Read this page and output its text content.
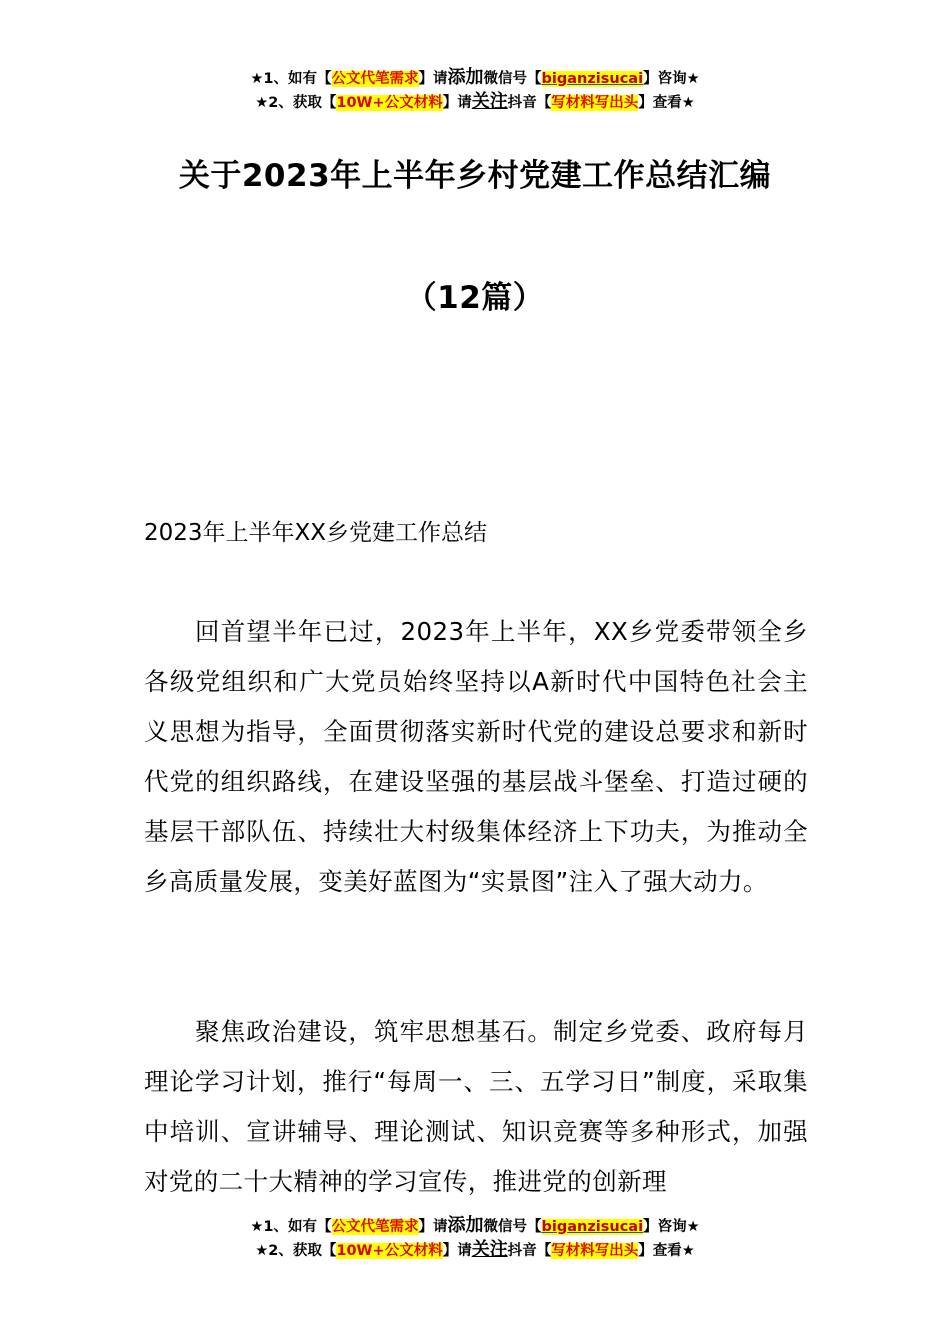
★1、如有【公文代笔需求】请添加微信号【biganzisucai】咨询★
★2、获取【10W+公文材料】请关注抖音【写材料写出头】查看★
关于2023年上半年乡村党建工作总结汇编
（12篇）
2023年上半年XX乡党建工作总结

回首望半年已过，2023年上半年，XX乡党委带领全乡各级党组织和广大党员始终坚持以A新时代中国特色社会主义思想为指导，全面贯彻落实新时代党的建设总要求和新时代党的组织路线，在建设坚强的基层战斗堡垒、打造过硬的基层干部队伍、持续壮大村级集体经济上下功夫，为推动全乡高质量发展，变美好蓝图为“实景图”注入了强大动力。

聚焦政治建设，筑牢思想基石。制定乡党委、政府每月理论学习计划，推行“每周一、三、五学习日”制度，采取集中培训、宣讲辅导、理论测试、知识竞赛等多种形式，加强对党的二十大精神的学习宣传，推进党的创新理

★1、如有【公文代笔需求】请添加微信号【biganzisucai】咨询★
★2、获取【10W+公文材料】请关注抖音【写材料写出头】查看★
